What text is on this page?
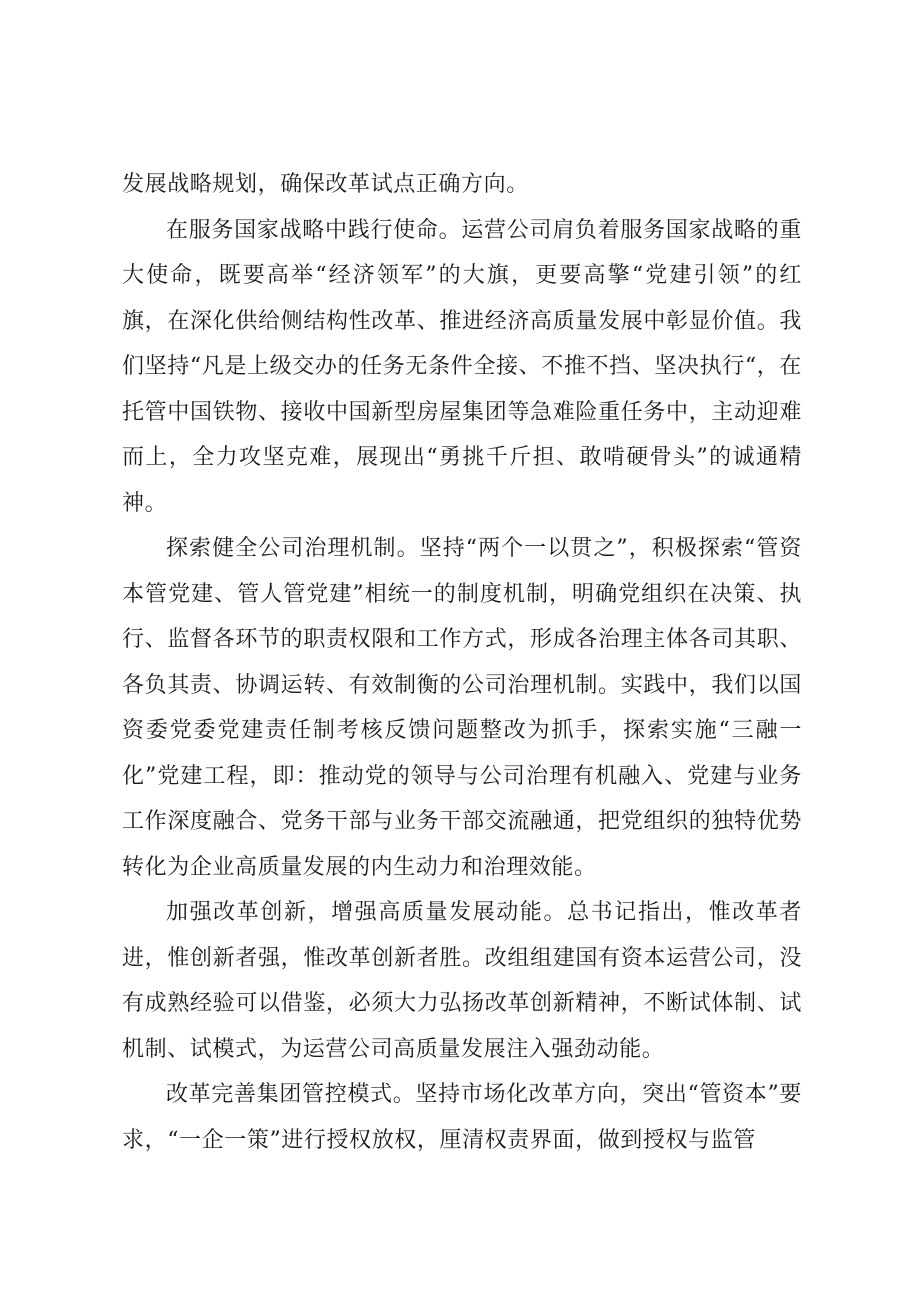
发展战略规划，确保改革试点正确方向。

在服务国家战略中践行使命。运营公司肩负着服务国家战略的重大使命，既要高举“经济领军”的大旗，更要高擎“党建引领”的红旗，在深化供给侧结构性改革、推进经济高质量发展中彰显价值。我们坚持“凡是上级交办的任务无条件全接、不推不挡、坚决执行“，在托管中国铁物、接收中国新型房屋集团等急难险重任务中，主动迎难而上，全力攻坚克难，展现出“勇挑千斤担、敢啃硬骨头”的诚通精神。

探索健全公司治理机制。坚持“两个一以贯之”，积极探索“管资本管党建、管人管党建”相统一的制度机制，明确党组织在决策、执行、监督各环节的职责权限和工作方式，形成各治理主体各司其职、各负其责、协调运转、有效制衡的公司治理机制。实践中，我们以国资委党委党建责任制考核反馈问题整改为抓手，探索实施“三融一化”党建工程，即：推动党的领导与公司治理有机融入、党建与业务工作深度融合、党务干部与业务干部交流融通，把党组织的独特优势转化为企业高质量发展的内生动力和治理效能。

加强改革创新，增强高质量发展动能。总书记指出，惟改革者进，惟创新者强，惟改革创新者胜。改组组建国有资本运营公司，没有成熟经验可以借鉴，必须大力弘扬改革创新精神，不断试体制、试机制、试模式，为运营公司高质量发展注入强劲动能。

改革完善集团管控模式。坚持市场化改革方向，突出“管资本”要求，“一企一策”进行授权放权，厘清权责界面，做到授权与监管
